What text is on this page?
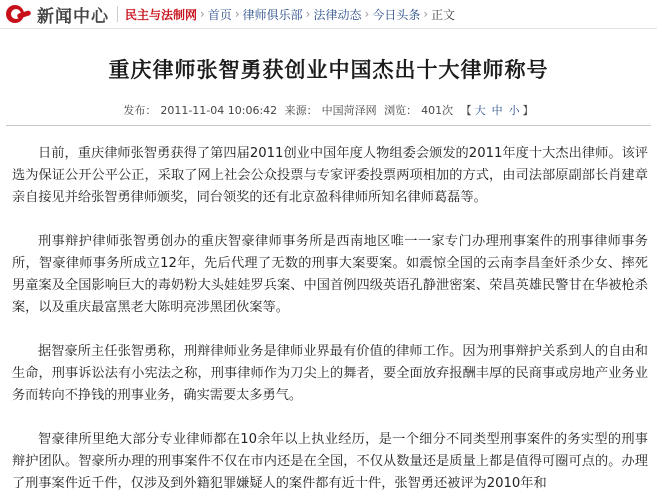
新闻中心 民主与法制网 › 首页 › 律师俱乐部 › 法律动态 › 今日头条 › 正文
重庆律师张智勇获创业中国杰出十大律师称号
发布： 2011-11-04 10:06:42 来源： 中国菏泽网 浏览： 401次 【 大 中 小 】

日前，重庆律师张智勇获得了第四届2011创业中国年度人物组委会颁发的2011年度十大杰出律师。该评选为保证公开公平公正，采取了网上社会公众投票与专家评委投票两项相加的方式，由司法部原副部长肖建章亲自接见并给张智勇律师颁奖，同台领奖的还有北京盈科律师所知名律师葛磊等。

刑事辩护律师张智勇创办的重庆智豪律师事务所是西南地区唯一一家专门办理刑事案件的刑事律师事务所，智豪律师事务所成立12年，先后代理了无数的刑事大案要案。如震惊全国的云南李昌奎奸杀少女、摔死男童案及全国影响巨大的毒奶粉大头娃娃罗兵案、中国首例四级英语孔静泄密案、荣昌英雄民警甘在华被枪杀案，以及重庆最富黑老大陈明亮涉黑团伙案等。

据智豪所主任张智勇称，刑辩律师业务是律师业界最有价值的律师工作。因为刑事辩护关系到人的自由和生命，刑事诉讼法有小宪法之称，刑事律师作为刀尖上的舞者，要全面放弃报酬丰厚的民商事或房地产业务业务而转向不挣钱的刑事业务，确实需要太多勇气。

智豪律所里绝大部分专业律师都在10余年以上执业经历，是一个细分不同类型刑事案件的务实型的刑事辩护团队。智豪所办理的刑事案件不仅在市内还是在全国，不仅从数量还是质量上都是值得可圈可点的。办理了刑事案件近千件，仅涉及到外籍犯罪嫌疑人的案件都有近十件，张智勇还被评为2010年和
